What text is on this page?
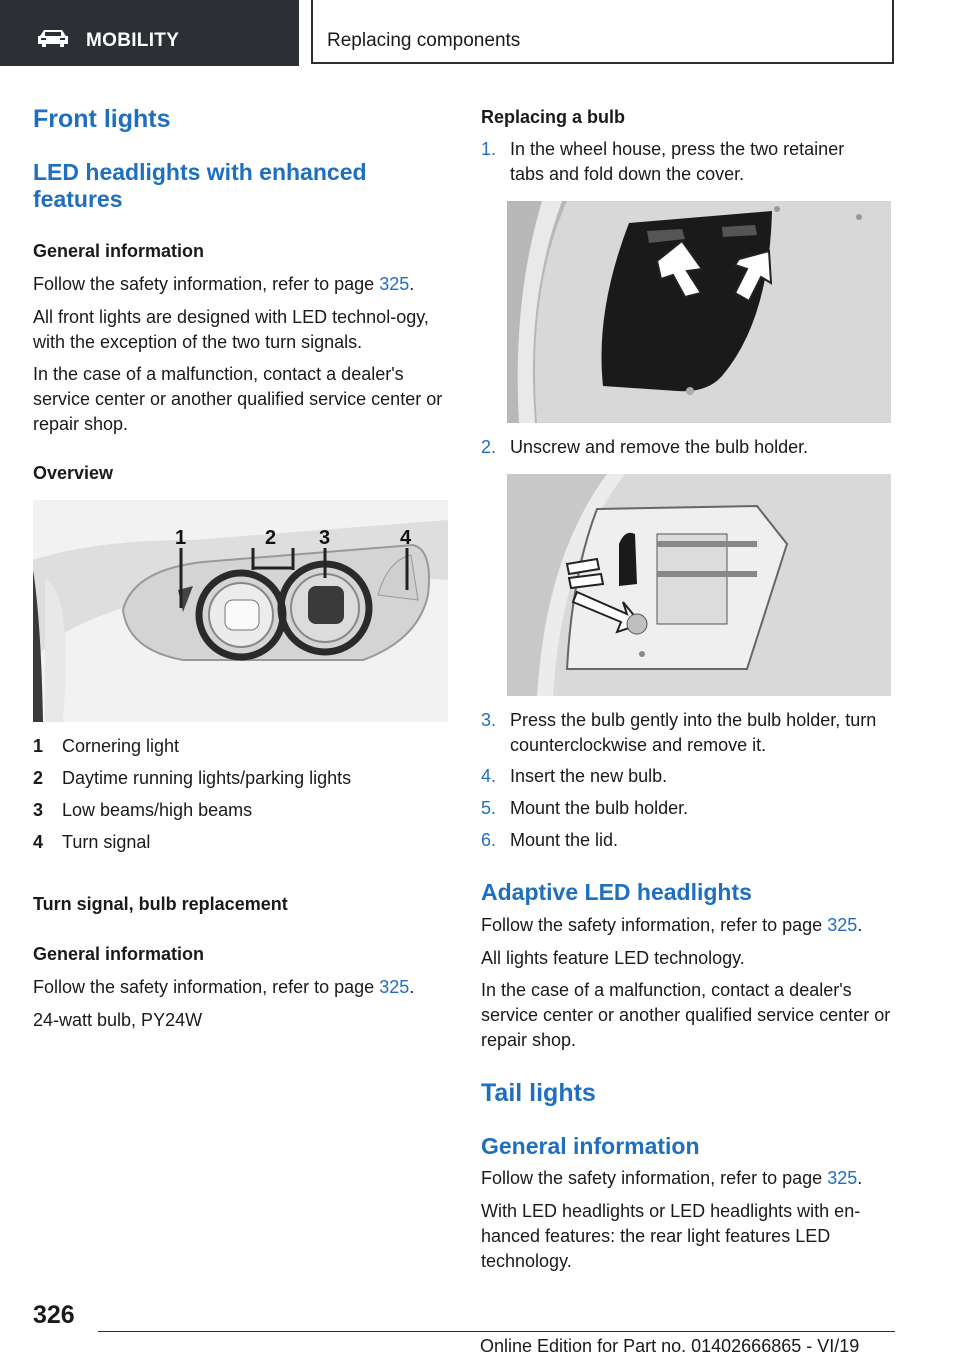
MOBILITY	Replacing components
Front lights
LED headlights with enhanced features
General information

Follow the safety information, refer to page 325.

All front lights are designed with LED technol-ogy, with the exception of the two turn signals.

In the case of a malfunction, contact a dealer's service center or another qualified service center or repair shop.

Overview
1	2 3	4
1 Cornering light
2 Daytime running lights/parking lights
3 Low beams/high beams
4 Turn signal
Turn signal, bulb replacement
General information

Follow the safety information, refer to page 325.

24-watt bulb, PY24W

Replacing a bulb
1. In the wheel house, press the two retainer tabs and fold down the cover.
2. Unscrew and remove the bulb holder.
3. Press the bulb gently into the bulb holder, turn counterclockwise and remove it.
4. Insert the new bulb.
5. Mount the bulb holder.
6. Mount the lid.
Adaptive LED headlights

Follow the safety information, refer to page 325.

All lights feature LED technology.

In the case of a malfunction, contact a dealer's service center or another qualified service center or repair shop.

Tail lights
General information

Follow the safety information, refer to page 325.

With LED headlights or LED headlights with en-hanced features: the rear light features LED technology.

326
Online Edition for Part no. 01402666865 - VI/19
